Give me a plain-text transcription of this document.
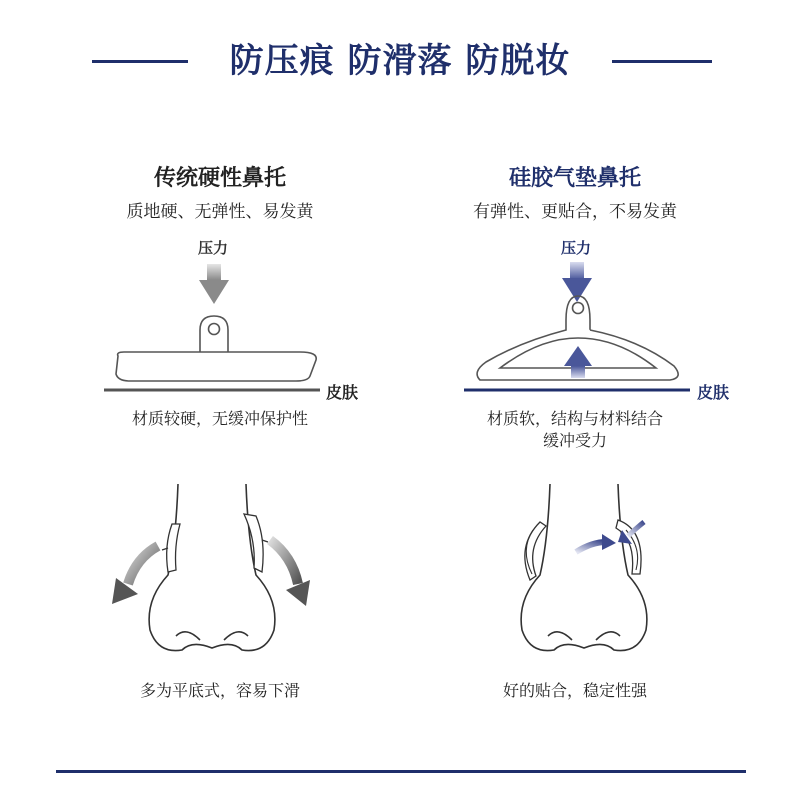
防压痕 防滑落 防脱妆
传统硬性鼻托
质地硬、无弹性、易发黄
压力
皮肤
材质较硬，无缓冲保护性
多为平底式，容易下滑
硅胶气垫鼻托
有弹性、更贴合，不易发黄
压力
皮肤
材质软，结构与材料结合
缓冲受力
好的贴合，稳定性强
